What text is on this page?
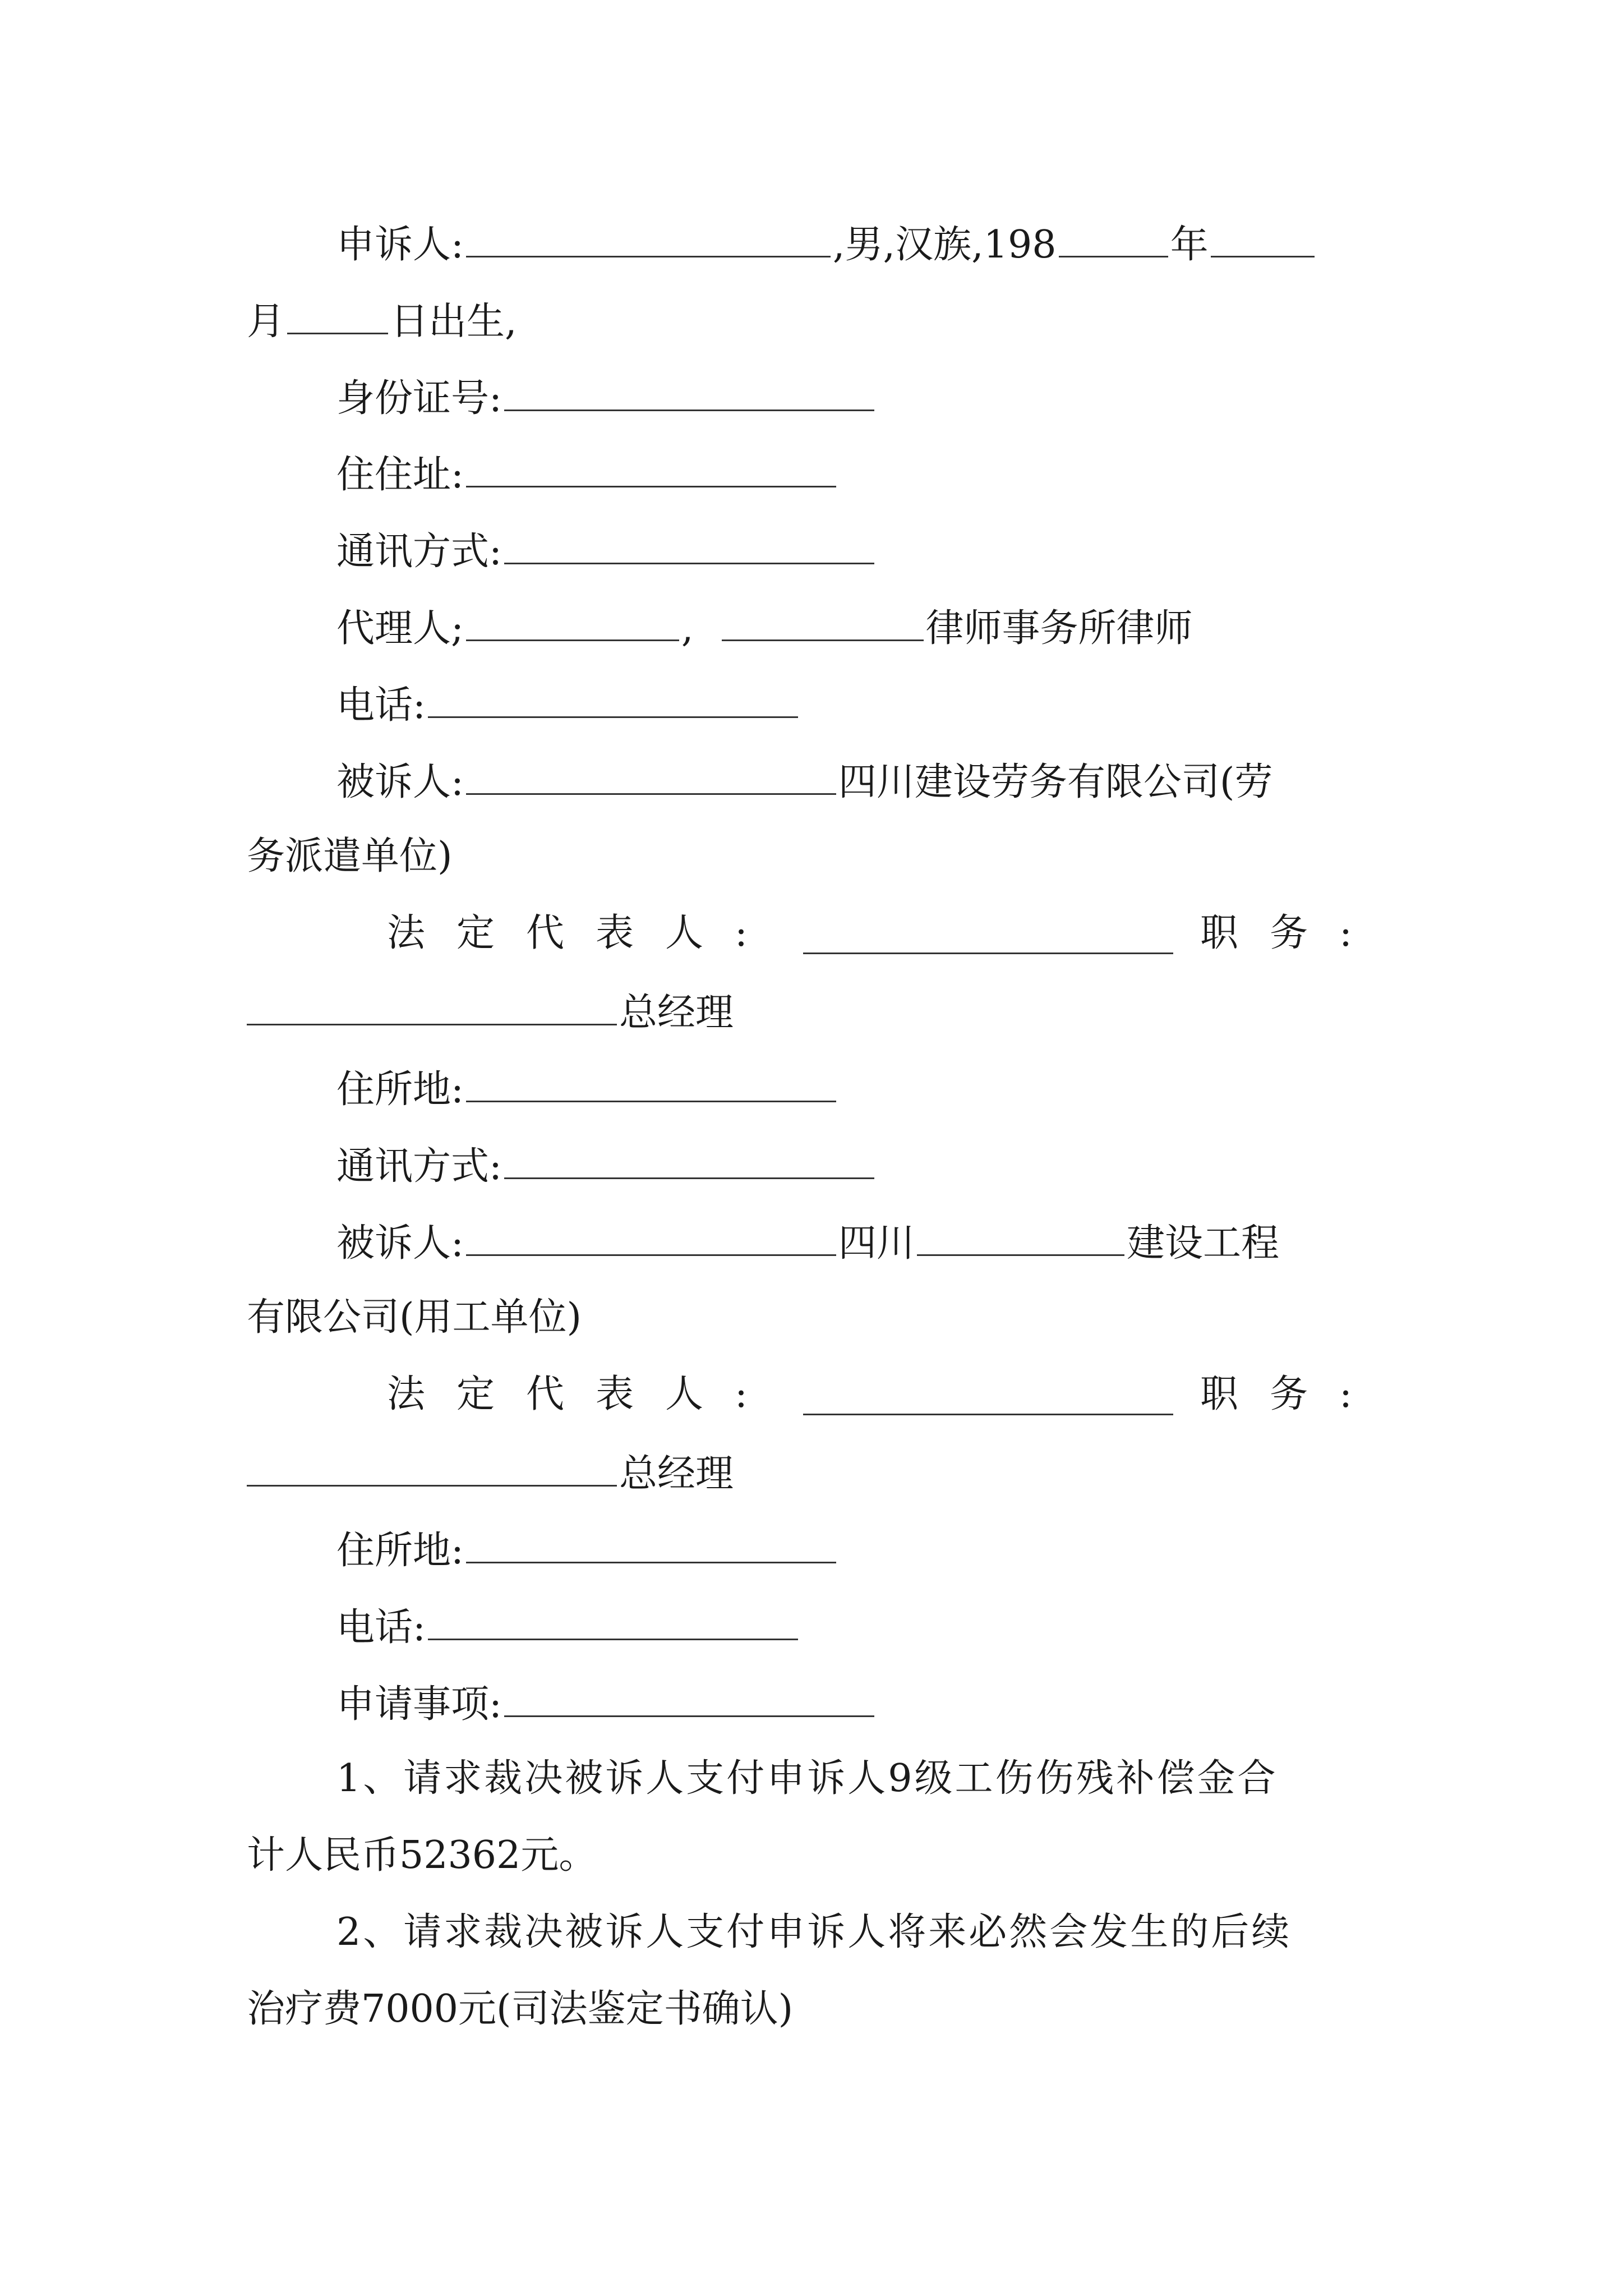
申诉人:	,男,汉族,198	年
月	日出生,
身份证号:
住住址:
通讯方式:
代理人;	,	律师事务所律师
电话:
被诉人:	四川建设劳务有限公司(劳
务派遣单位)
法定代表人:	职务:
总经理
住所地:
通讯方式:
被诉人:	四川	建设工程
有限公司(用工单位)
法定代表人:	职务:
总经理
住所地:
电话:
申请事项:
1、请求裁决被诉人支付申诉人9级工伤伤残补偿金合
计人民币52362元。
2、请求裁决被诉人支付申诉人将来必然会发生的后续
治疗费7000元(司法鉴定书确认)
